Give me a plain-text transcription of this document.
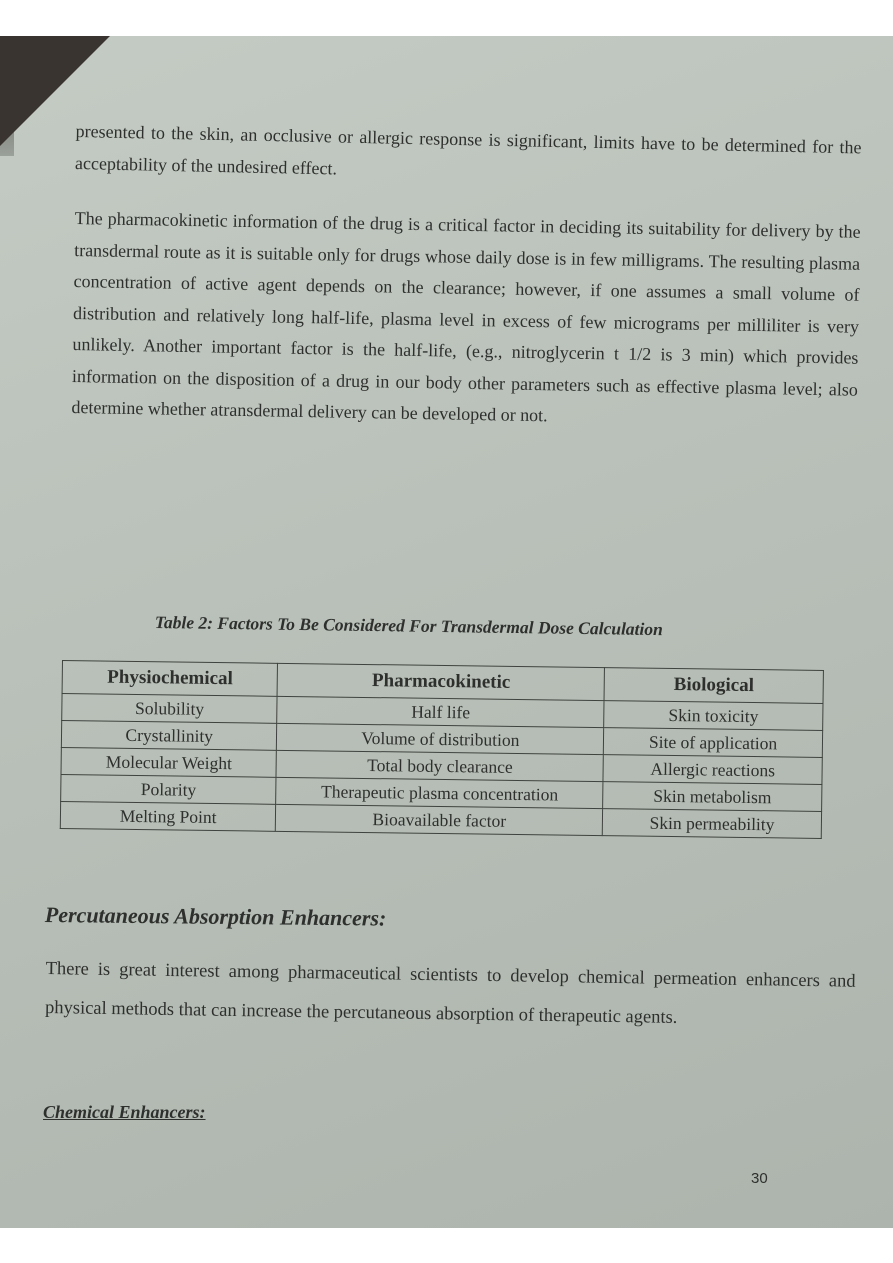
presented to the skin, an occlusive or allergic response is significant, limits have to be determined for the acceptability of the undesired effect.

The pharmacokinetic information of the drug is a critical factor in deciding its suitability for delivery by the transdermal route as it is suitable only for drugs whose daily dose is in few milligrams. The resulting plasma concentration of active agent depends on the clearance; however, if one assumes a small volume of distribution and relatively long half-life, plasma level in excess of few micrograms per milliliter is very unlikely. Another important factor is the half-life, (e.g., nitroglycerin t 1/2 is 3 min) which provides information on the disposition of a drug in our body other parameters such as effective plasma level; also determine whether atransdermal delivery can be developed or not.

Table 2: Factors To Be Considered For Transdermal Dose Calculation
Physiochemical	Pharmacokinetic	Biological
Solubility	Half life	Skin toxicity
Crystallinity	Volume of distribution	Site of application
Molecular Weight	Total body clearance	Allergic reactions
Polarity	Therapeutic plasma concentration	Skin metabolism
Melting Point	Bioavailable factor	Skin permeability
Percutaneous Absorption Enhancers:

There is great interest among pharmaceutical scientists to develop chemical permeation enhancers and physical methods that can increase the percutaneous absorption of therapeutic agents.

Chemical Enhancers:
30
